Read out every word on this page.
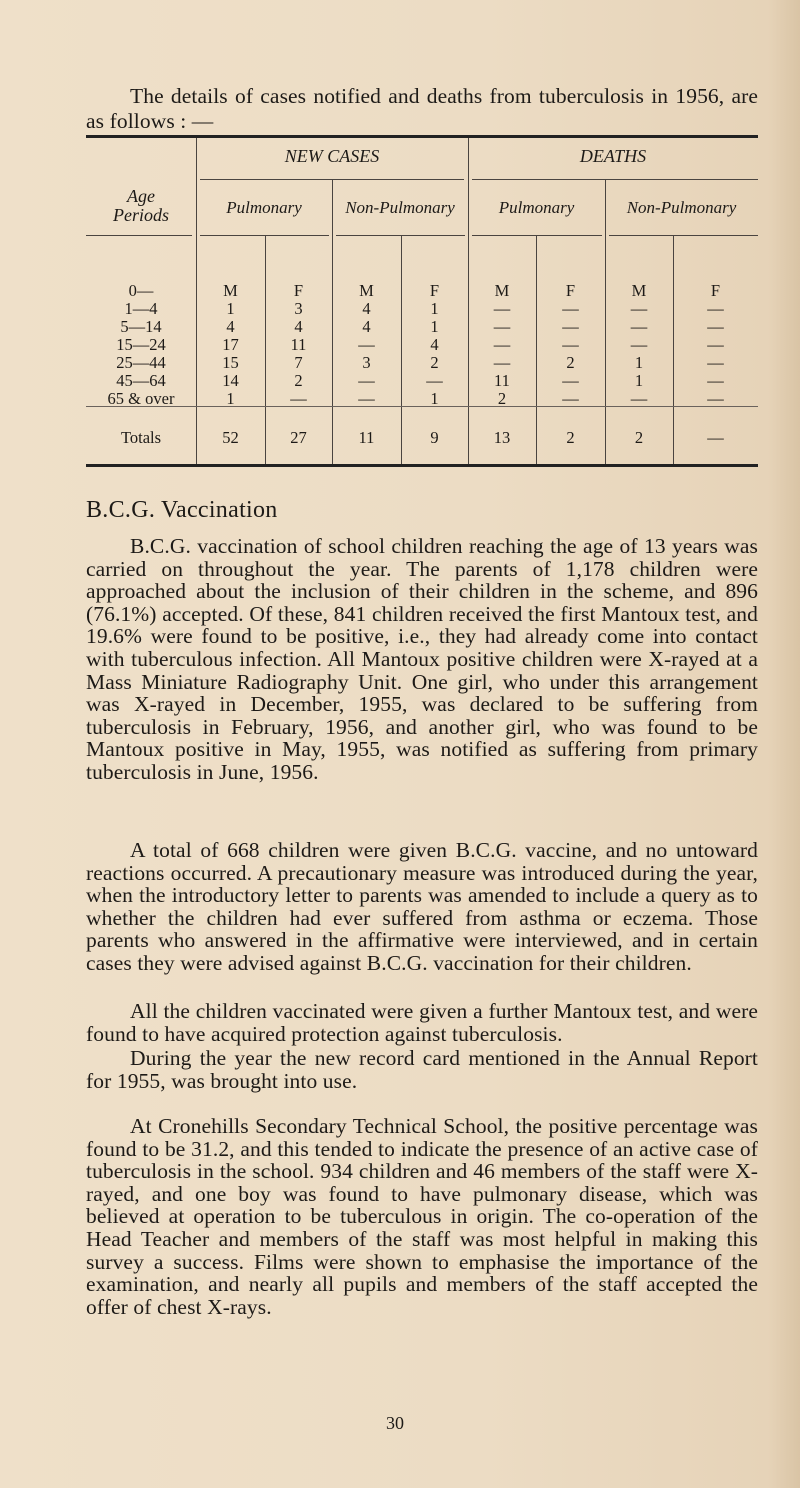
The details of cases notified and deaths from tuberculosis in 1956, are as follows : —

Age
Periods
NEW CASES	DEATHS
Pulmonary	Non-Pulmonary	Pulmonary	Non-Pulmonary
0—	M	F	M	F	M	F	M	F
1—4	1	3	4	1	—	—	—	—
5—14	4	4	4	1	—	—	—	—
15—24	17	11	—	4	—	—	—	—
25—44	15	7	3	2	—	2	1	—
45—64	14	2	—	—	11	—	1	—
65 & over	1	—	—	1	2	—	—	—
Totals	52	27	11	9	13	2	2	—
B.C.G. Vaccination

B.C.G. vaccination of school children reaching the age of 13 years was carried on throughout the year. The parents of 1,178 children were approached about the inclusion of their children in the scheme, and 896 (76.1%) accepted. Of these, 841 children received the first Mantoux test, and 19.6% were found to be positive, i.e., they had already come into contact with tuberculous infection. All Mantoux positive children were X-rayed at a Mass Miniature Radiography Unit. One girl, who under this arrangement was X-rayed in December, 1955, was declared to be suffering from tuberculosis in February, 1956, and another girl, who was found to be Mantoux positive in May, 1955, was notified as suffering from primary tuberculosis in June, 1956.

A total of 668 children were given B.C.G. vaccine, and no untoward reactions occurred. A precautionary measure was introduced during the year, when the introductory letter to parents was amended to include a query as to whether the children had ever suffered from asthma or eczema. Those parents who answered in the affirmative were interviewed, and in certain cases they were advised against B.C.G. vaccination for their children.

All the children vaccinated were given a further Mantoux test, and were found to have acquired protection against tuberculosis.

During the year the new record card mentioned in the Annual Report for 1955, was brought into use.

At Cronehills Secondary Technical School, the positive percentage was found to be 31.2, and this tended to indicate the presence of an active case of tuberculosis in the school. 934 children and 46 members of the staff were X-rayed, and one boy was found to have pulmonary disease, which was believed at operation to be tuberculous in origin. The co-operation of the Head Teacher and members of the staff was most helpful in making this survey a success. Films were shown to emphasise the importance of the examination, and nearly all pupils and members of the staff accepted the offer of chest X-rays.

30
